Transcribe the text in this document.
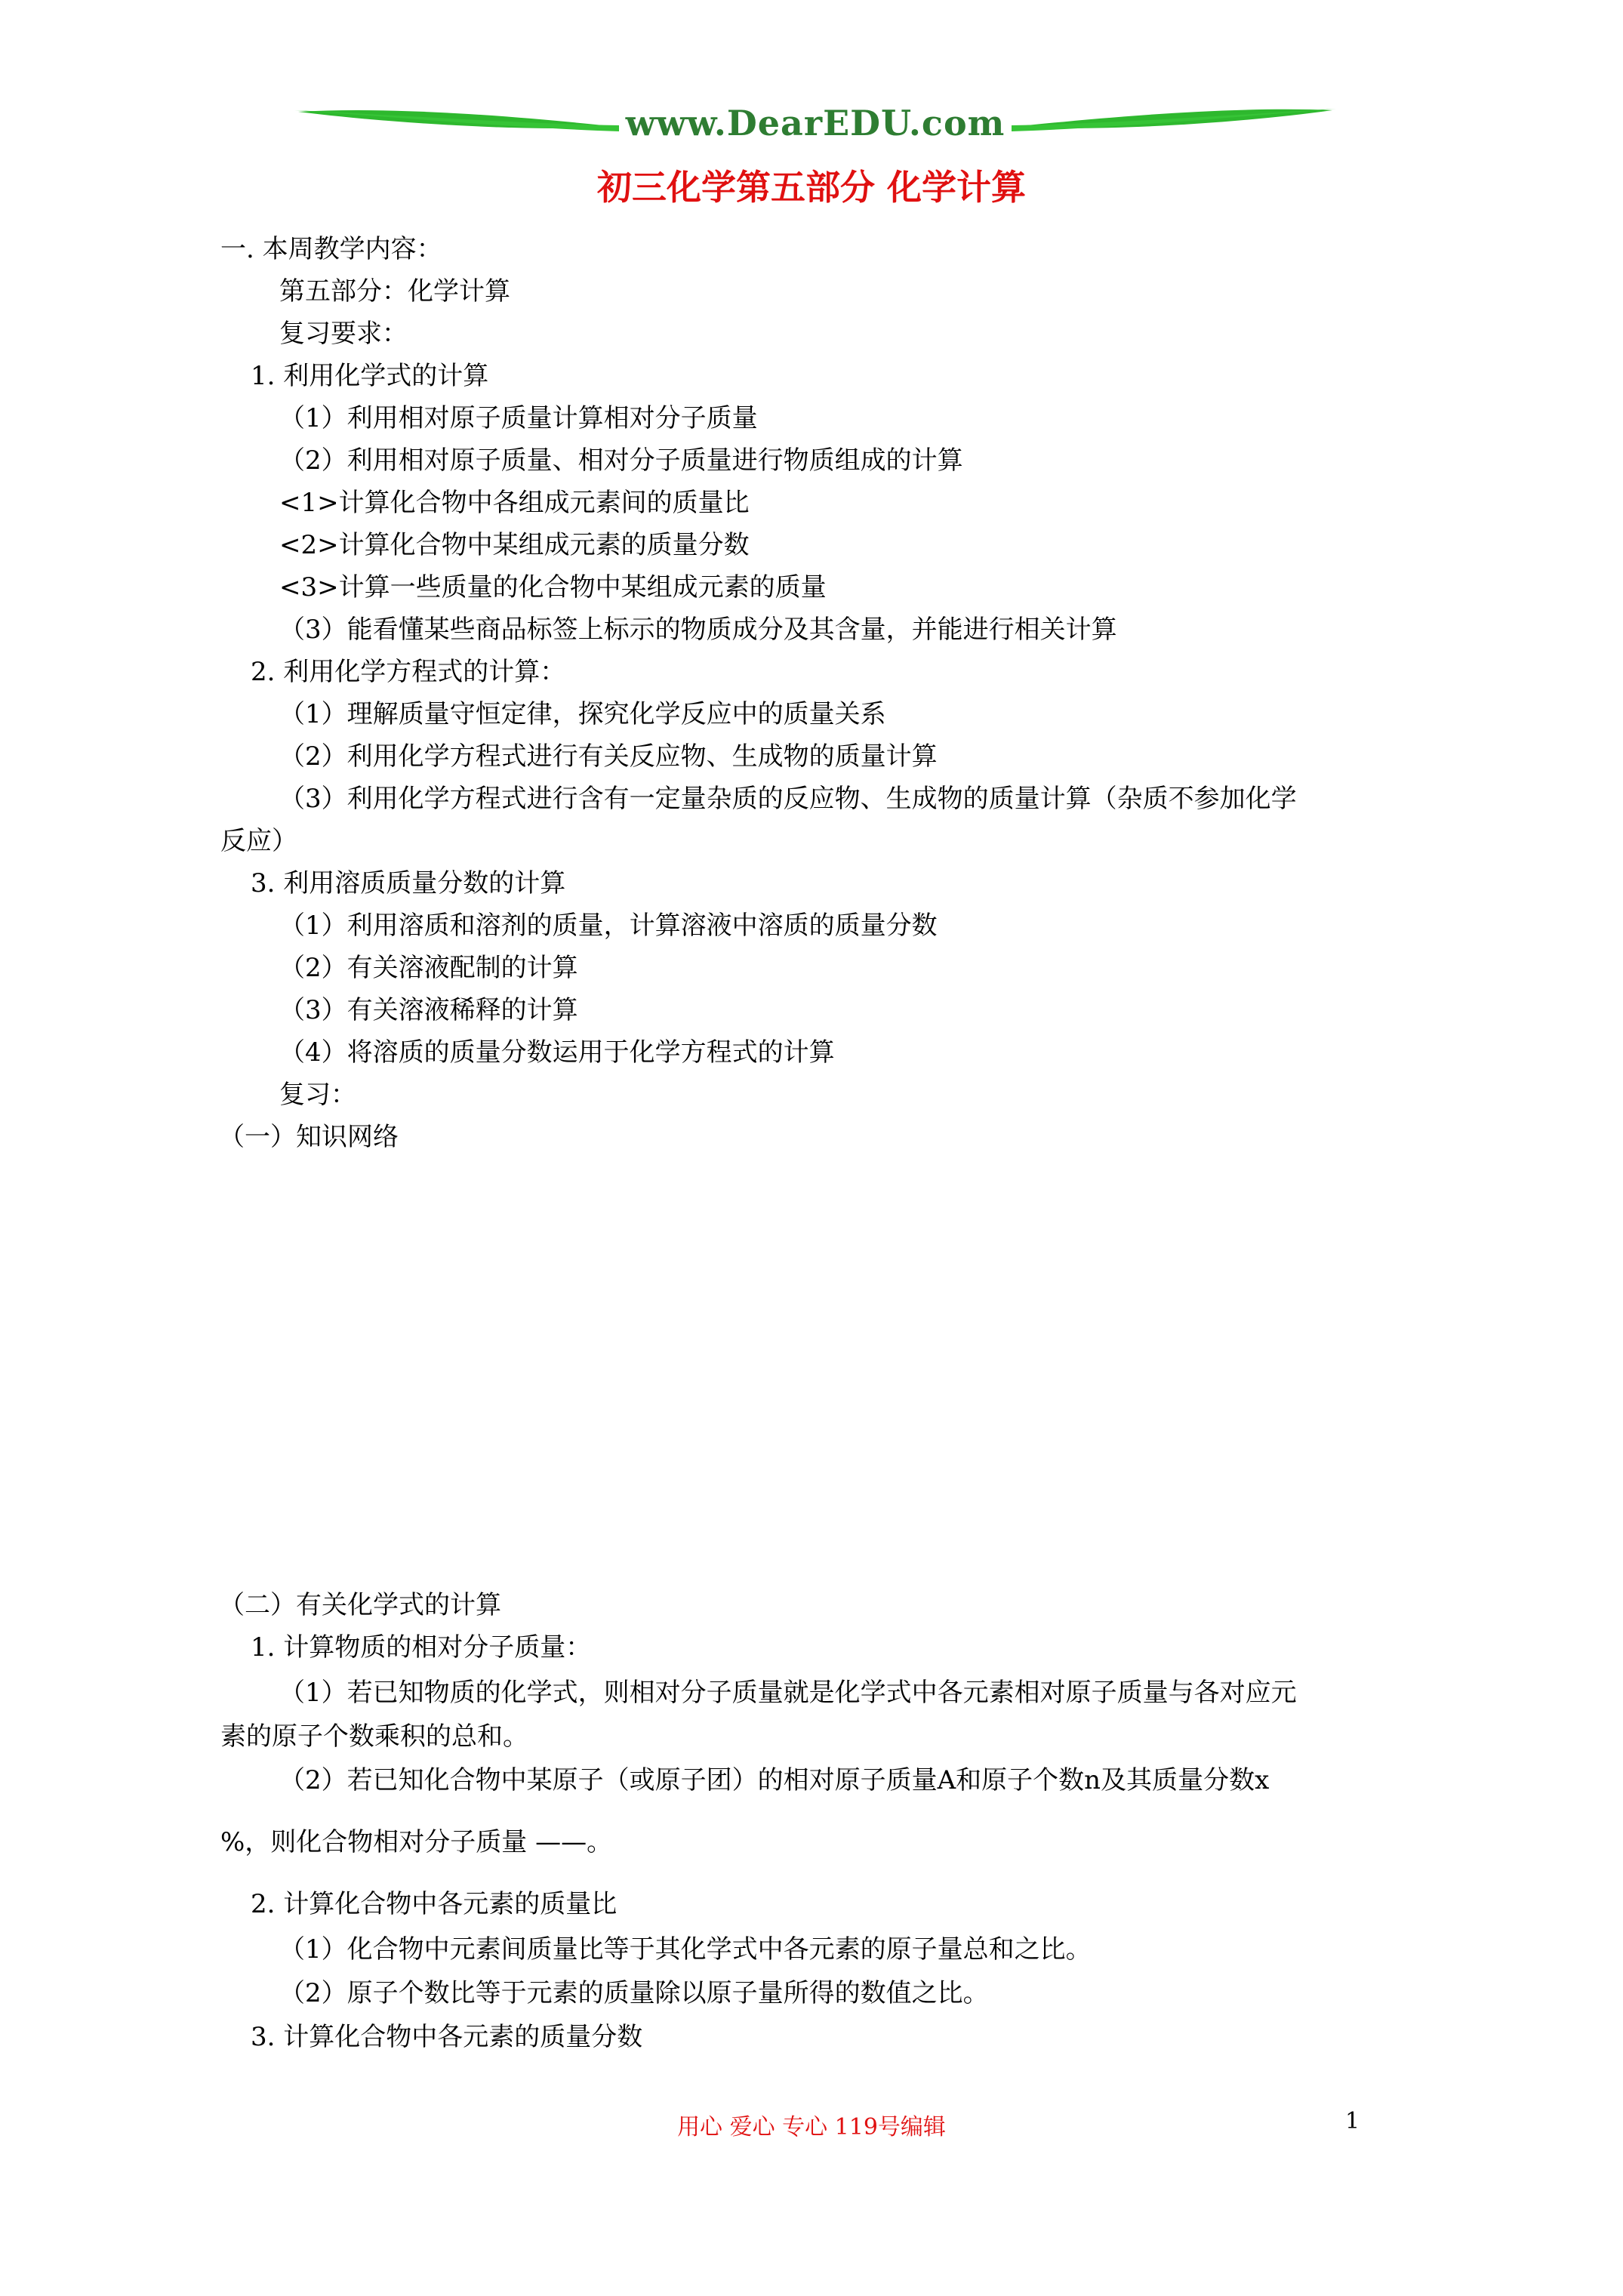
www.DearEDU.com
初三化学第五部分 化学计算
一. 本周教学内容：
第五部分：化学计算
复习要求：
1. 利用化学式的计算
（1）利用相对原子质量计算相对分子质量
（2）利用相对原子质量、相对分子质量进行物质组成的计算
<1>计算化合物中各组成元素间的质量比
<2>计算化合物中某组成元素的质量分数
<3>计算一些质量的化合物中某组成元素的质量
（3）能看懂某些商品标签上标示的物质成分及其含量，并能进行相关计算
2. 利用化学方程式的计算：
（1）理解质量守恒定律，探究化学反应中的质量关系
（2）利用化学方程式进行有关反应物、生成物的质量计算
（3）利用化学方程式进行含有一定量杂质的反应物、生成物的质量计算（杂质不参加化学
反应）
3. 利用溶质质量分数的计算
（1）利用溶质和溶剂的质量，计算溶液中溶质的质量分数
（2）有关溶液配制的计算
（3）有关溶液稀释的计算
（4）将溶质的质量分数运用于化学方程式的计算
复习：
（一）知识网络
（二）有关化学式的计算
1. 计算物质的相对分子质量：
（1）若已知物质的化学式，则相对分子质量就是化学式中各元素相对原子质量与各对应元
素的原子个数乘积的总和。
（2）若已知化合物中某原子（或原子团）的相对原子质量A和原子个数n及其质量分数x
%，则化合物相对分子质量 ——。
2. 计算化合物中各元素的质量比
（1）化合物中元素间质量比等于其化学式中各元素的原子量总和之比。
（2）原子个数比等于元素的质量除以原子量所得的数值之比。
3. 计算化合物中各元素的质量分数
用心 爱心 专心 119号编辑	1
